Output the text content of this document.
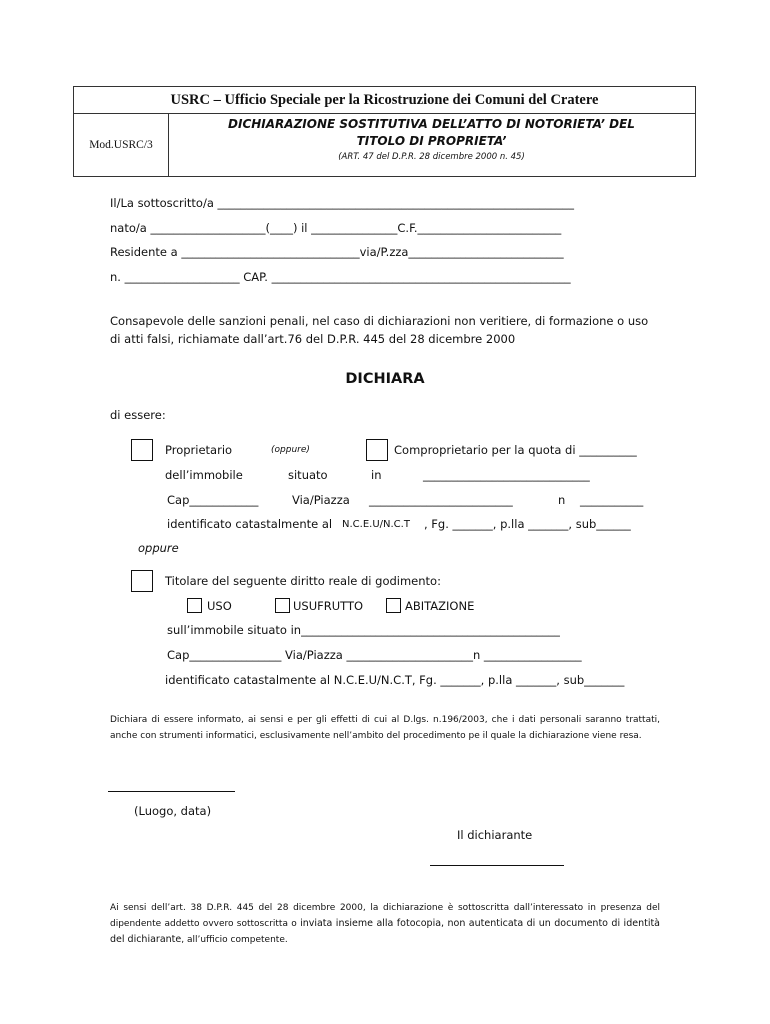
USRC – Ufficio Speciale per la Ricostruzione dei Comuni del Cratere
Mod.USRC/3
DICHIARAZIONE SOSTITUTIVA DELL’ATTO DI NOTORIETA’ DEL
TITOLO DI PROPRIETA’
(ART. 47 del D.P.R. 28 dicembre 2000 n. 45)
Il/La sottoscritto/a ______________________________________________________________
nato/a ____________________(____) il _______________C.F._________________________
Residente a _______________________________via/P.zza___________________________
n. ____________________ CAP. ____________________________________________________
Consapevole delle sanzioni penali, nel caso di dichiarazioni non veritiere, di formazione o uso
di atti falsi, richiamate dall’art.76 del D.P.R. 445 del 28 dicembre 2000
DICHIARA
di essere:
Proprietario	(oppure)	Comproprietario per la quota di __________
dell’immobile	situato	in	_____________________________
Cap____________	Via/Piazza _________________________	n ___________
identificato catastalmente al N.C.E.U/N.C.T , Fg. _______, p.lla _______, sub______
oppure
Titolare del seguente diritto reale di godimento:
USO	USUFRUTTO	ABITAZIONE
sull’immobile situato in_____________________________________________
Cap________________ Via/Piazza ______________________n _________________
identificato catastalmente al N.C.E.U/N.C.T, Fg. _______, p.lla _______, sub_______
Dichiara di essere informato, ai sensi e per gli effetti di cui al D.lgs. n.196/2003, che i dati personali saranno trattati, anche con strumenti informatici, esclusivamente nell’ambito del procedimento pe il quale la dichiarazione viene resa.
(Luogo, data)
Il dichiarante
Ai sensi dell’art. 38 D.P.R. 445 del 28 dicembre 2000, la dichiarazione è sottoscritta dall’interessato in presenza del dipendente addetto ovvero sottoscritta o inviata insieme alla fotocopia, non autenticata di un documento di identità del dichiarante, all’ufficio competente.
